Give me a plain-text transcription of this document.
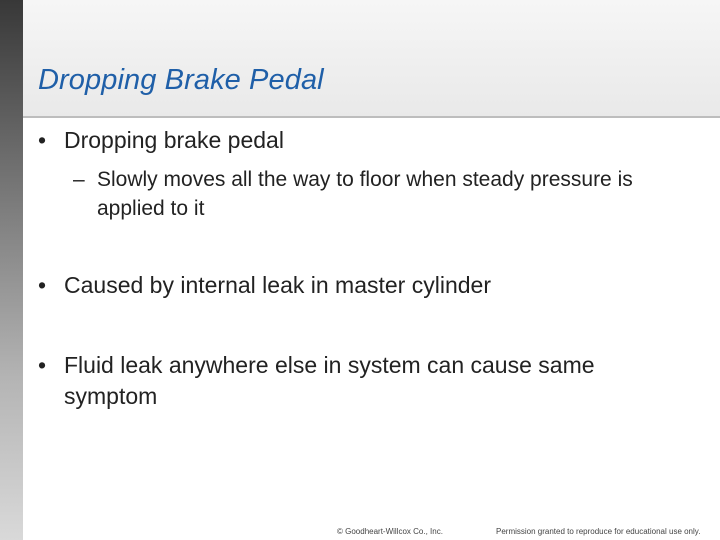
Dropping Brake Pedal
• Dropping brake pedal
– Slowly moves all the way to floor when steady pressure is applied to it
• Caused by internal leak in master cylinder
• Fluid leak anywhere else in system can cause same symptom
© Goodheart-Willcox Co., Inc.	Permission granted to reproduce for educational use only.
